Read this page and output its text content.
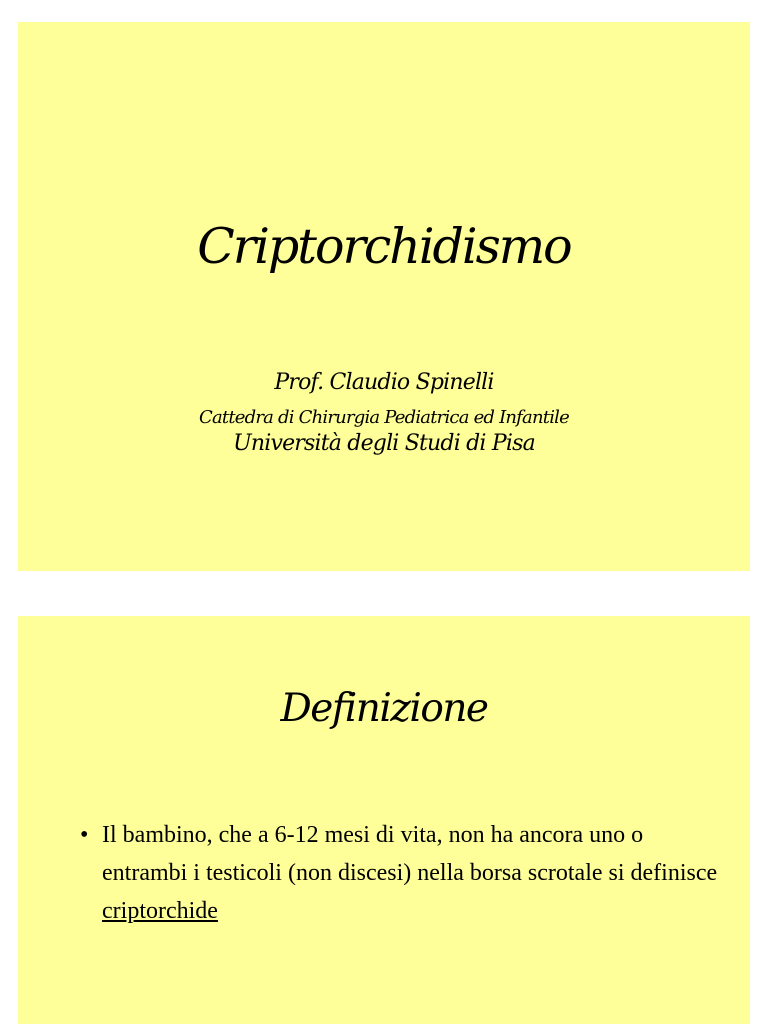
Criptorchidismo
Prof. Claudio Spinelli
Cattedra di Chirurgia Pediatrica ed Infantile
Università degli Studi di Pisa
Definizione
• Il bambino, che a 6-12 mesi di vita, non ha ancora uno o entrambi i testicoli (non discesi) nella borsa scrotale si definisce criptorchide
